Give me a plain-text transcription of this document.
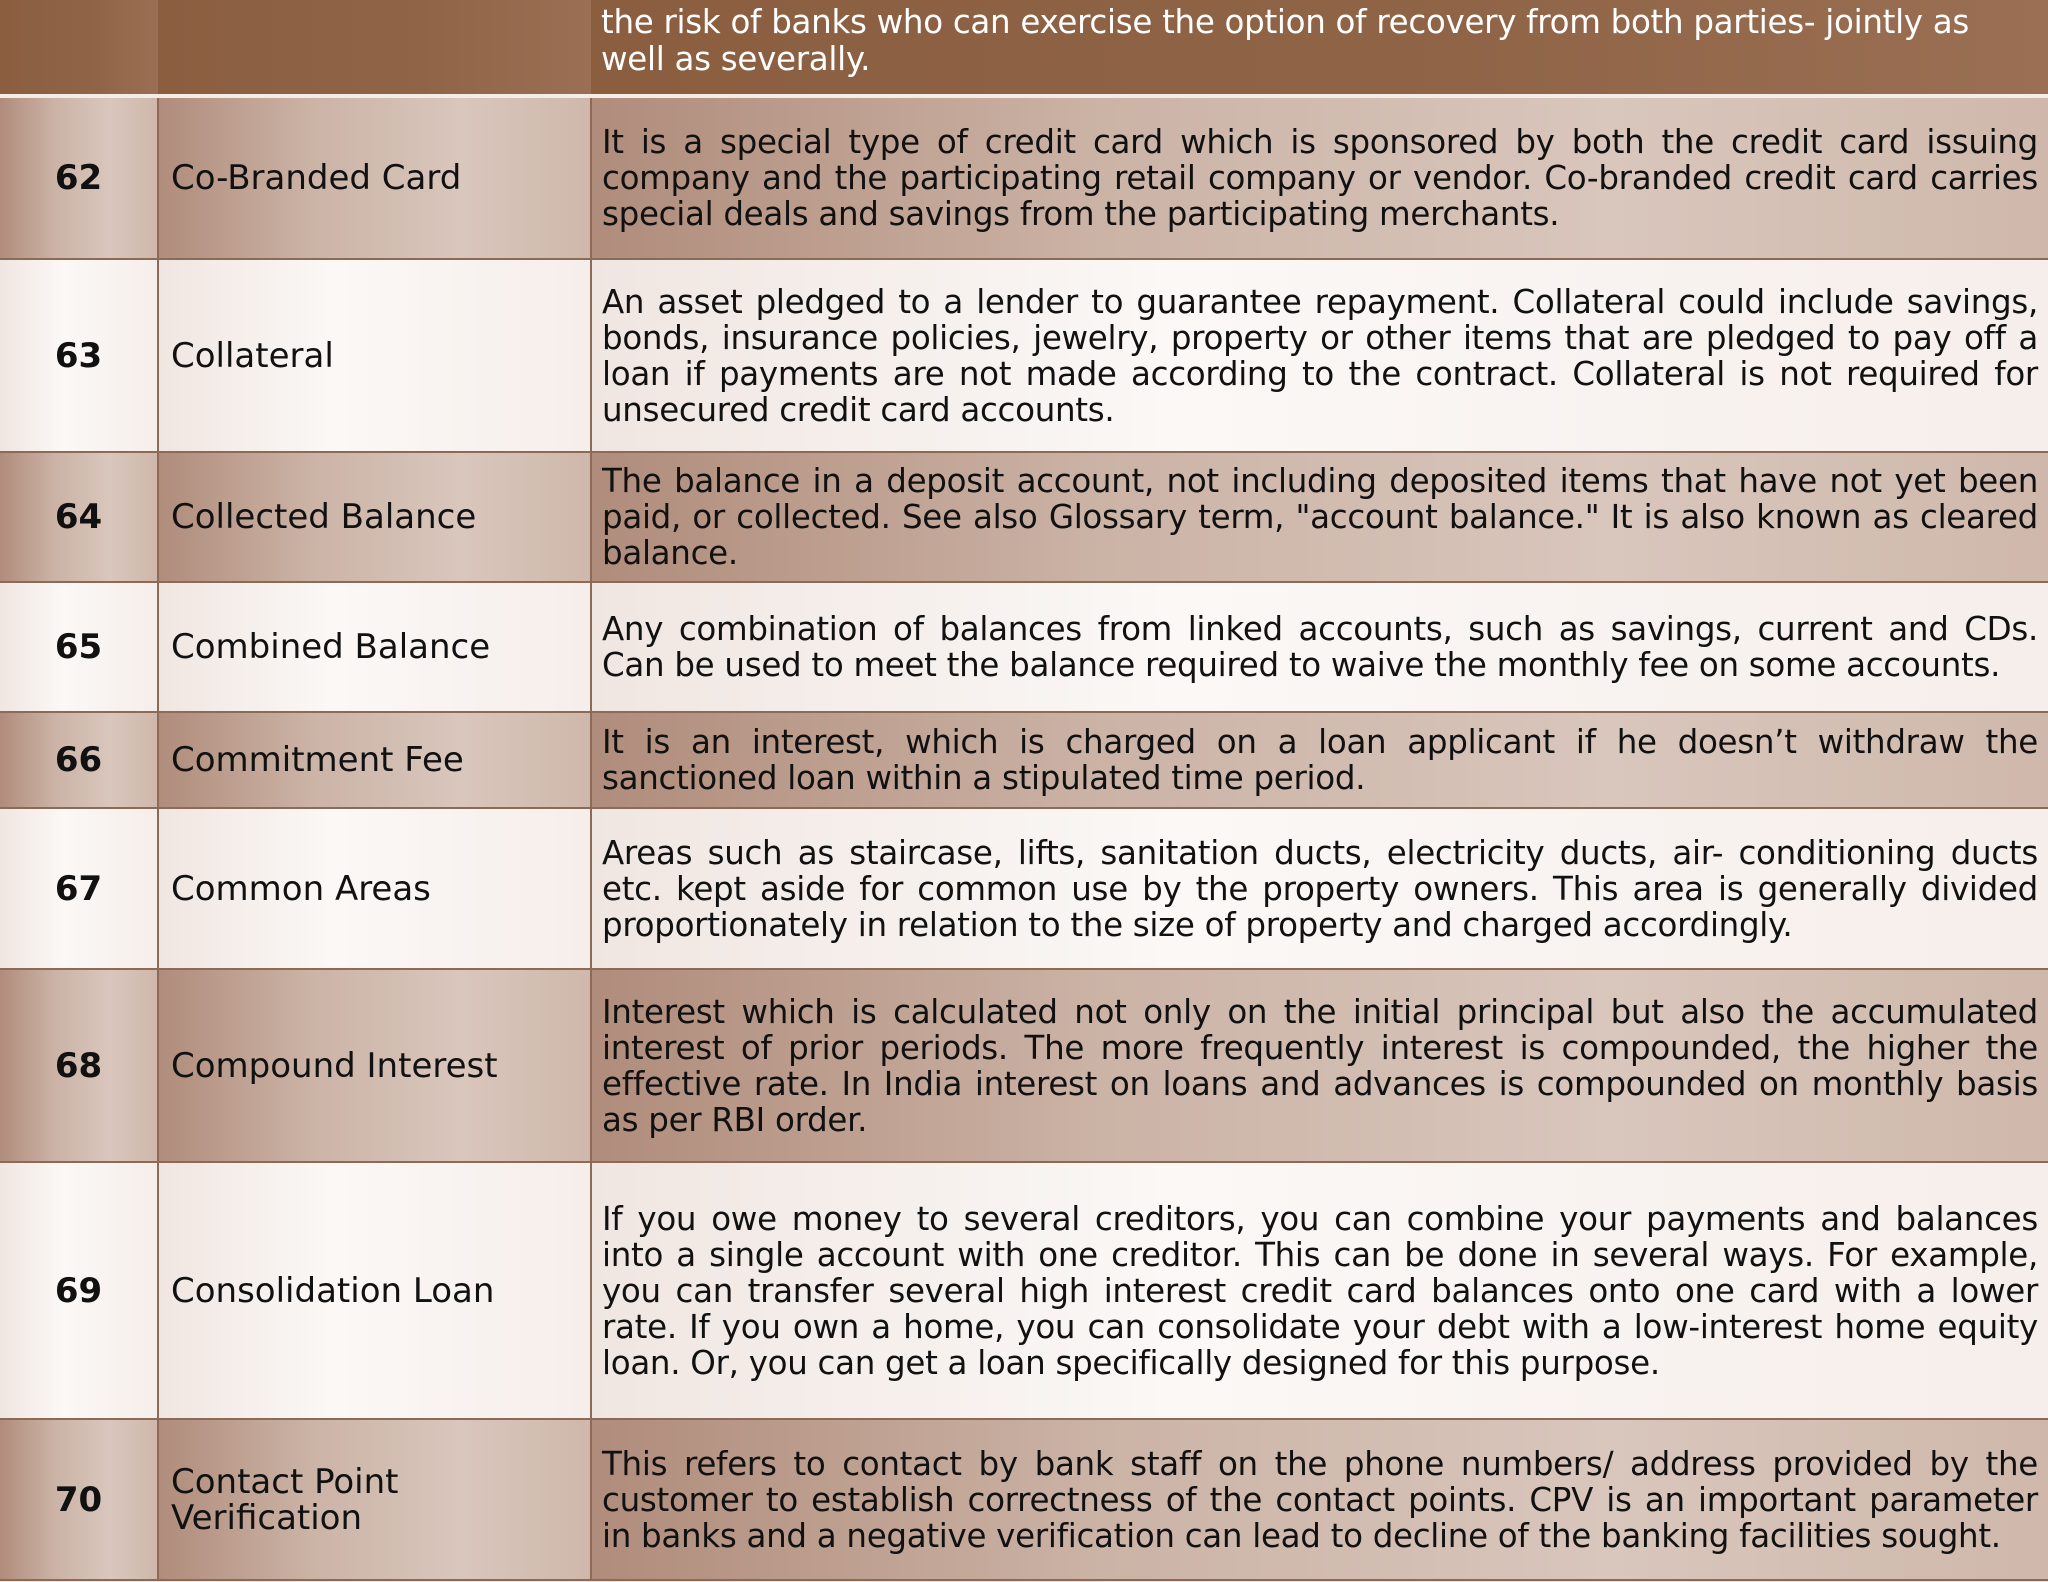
		the risk of banks who can exercise the option of recovery from both parties- jointly as well as severally.
62	Co-Branded Card	It is a special type of credit card which is sponsored by both the credit card issuing company and the participating retail company or vendor. Co-branded credit card carries special deals and savings from the participating merchants.
63	Collateral	An asset pledged to a lender to guarantee repayment. Collateral could include savings, bonds, insurance policies, jewelry, property or other items that are pledged to pay off a loan if payments are not made according to the contract. Collateral is not required for unsecured credit card accounts.
64	Collected Balance	The balance in a deposit account, not including deposited items that have not yet been paid, or collected. See also Glossary term, "account balance." It is also known as cleared balance.
65	Combined Balance	Any combination of balances from linked accounts, such as savings, current and CDs. Can be used to meet the balance required to waive the monthly fee on some accounts.
66	Commitment Fee	It is an interest, which is charged on a loan applicant if he doesn’t withdraw the sanctioned loan within a stipulated time period.
67	Common Areas	Areas such as staircase, lifts, sanitation ducts, electricity ducts, air- conditioning ducts etc. kept aside for common use by the property owners. This area is generally divided proportionately in relation to the size of property and charged accordingly.
68	Compound Interest	Interest which is calculated not only on the initial principal but also the accumulated interest of prior periods. The more frequently interest is compounded, the higher the effective rate. In India interest on loans and advances is compounded on monthly basis as per RBI order.
69	Consolidation Loan	If you owe money to several creditors, you can combine your payments and balances into a single account with one creditor. This can be done in several ways. For example, you can transfer several high interest credit card balances onto one card with a lower rate. If you own a home, you can consolidate your debt with a low-interest home equity loan. Or, you can get a loan specifically designed for this purpose.
70	Contact Point Verification	This refers to contact by bank staff on the phone numbers/ address provided by the customer to establish correctness of the contact points. CPV is an important parameter in banks and a negative verification can lead to decline of the banking facilities sought.
